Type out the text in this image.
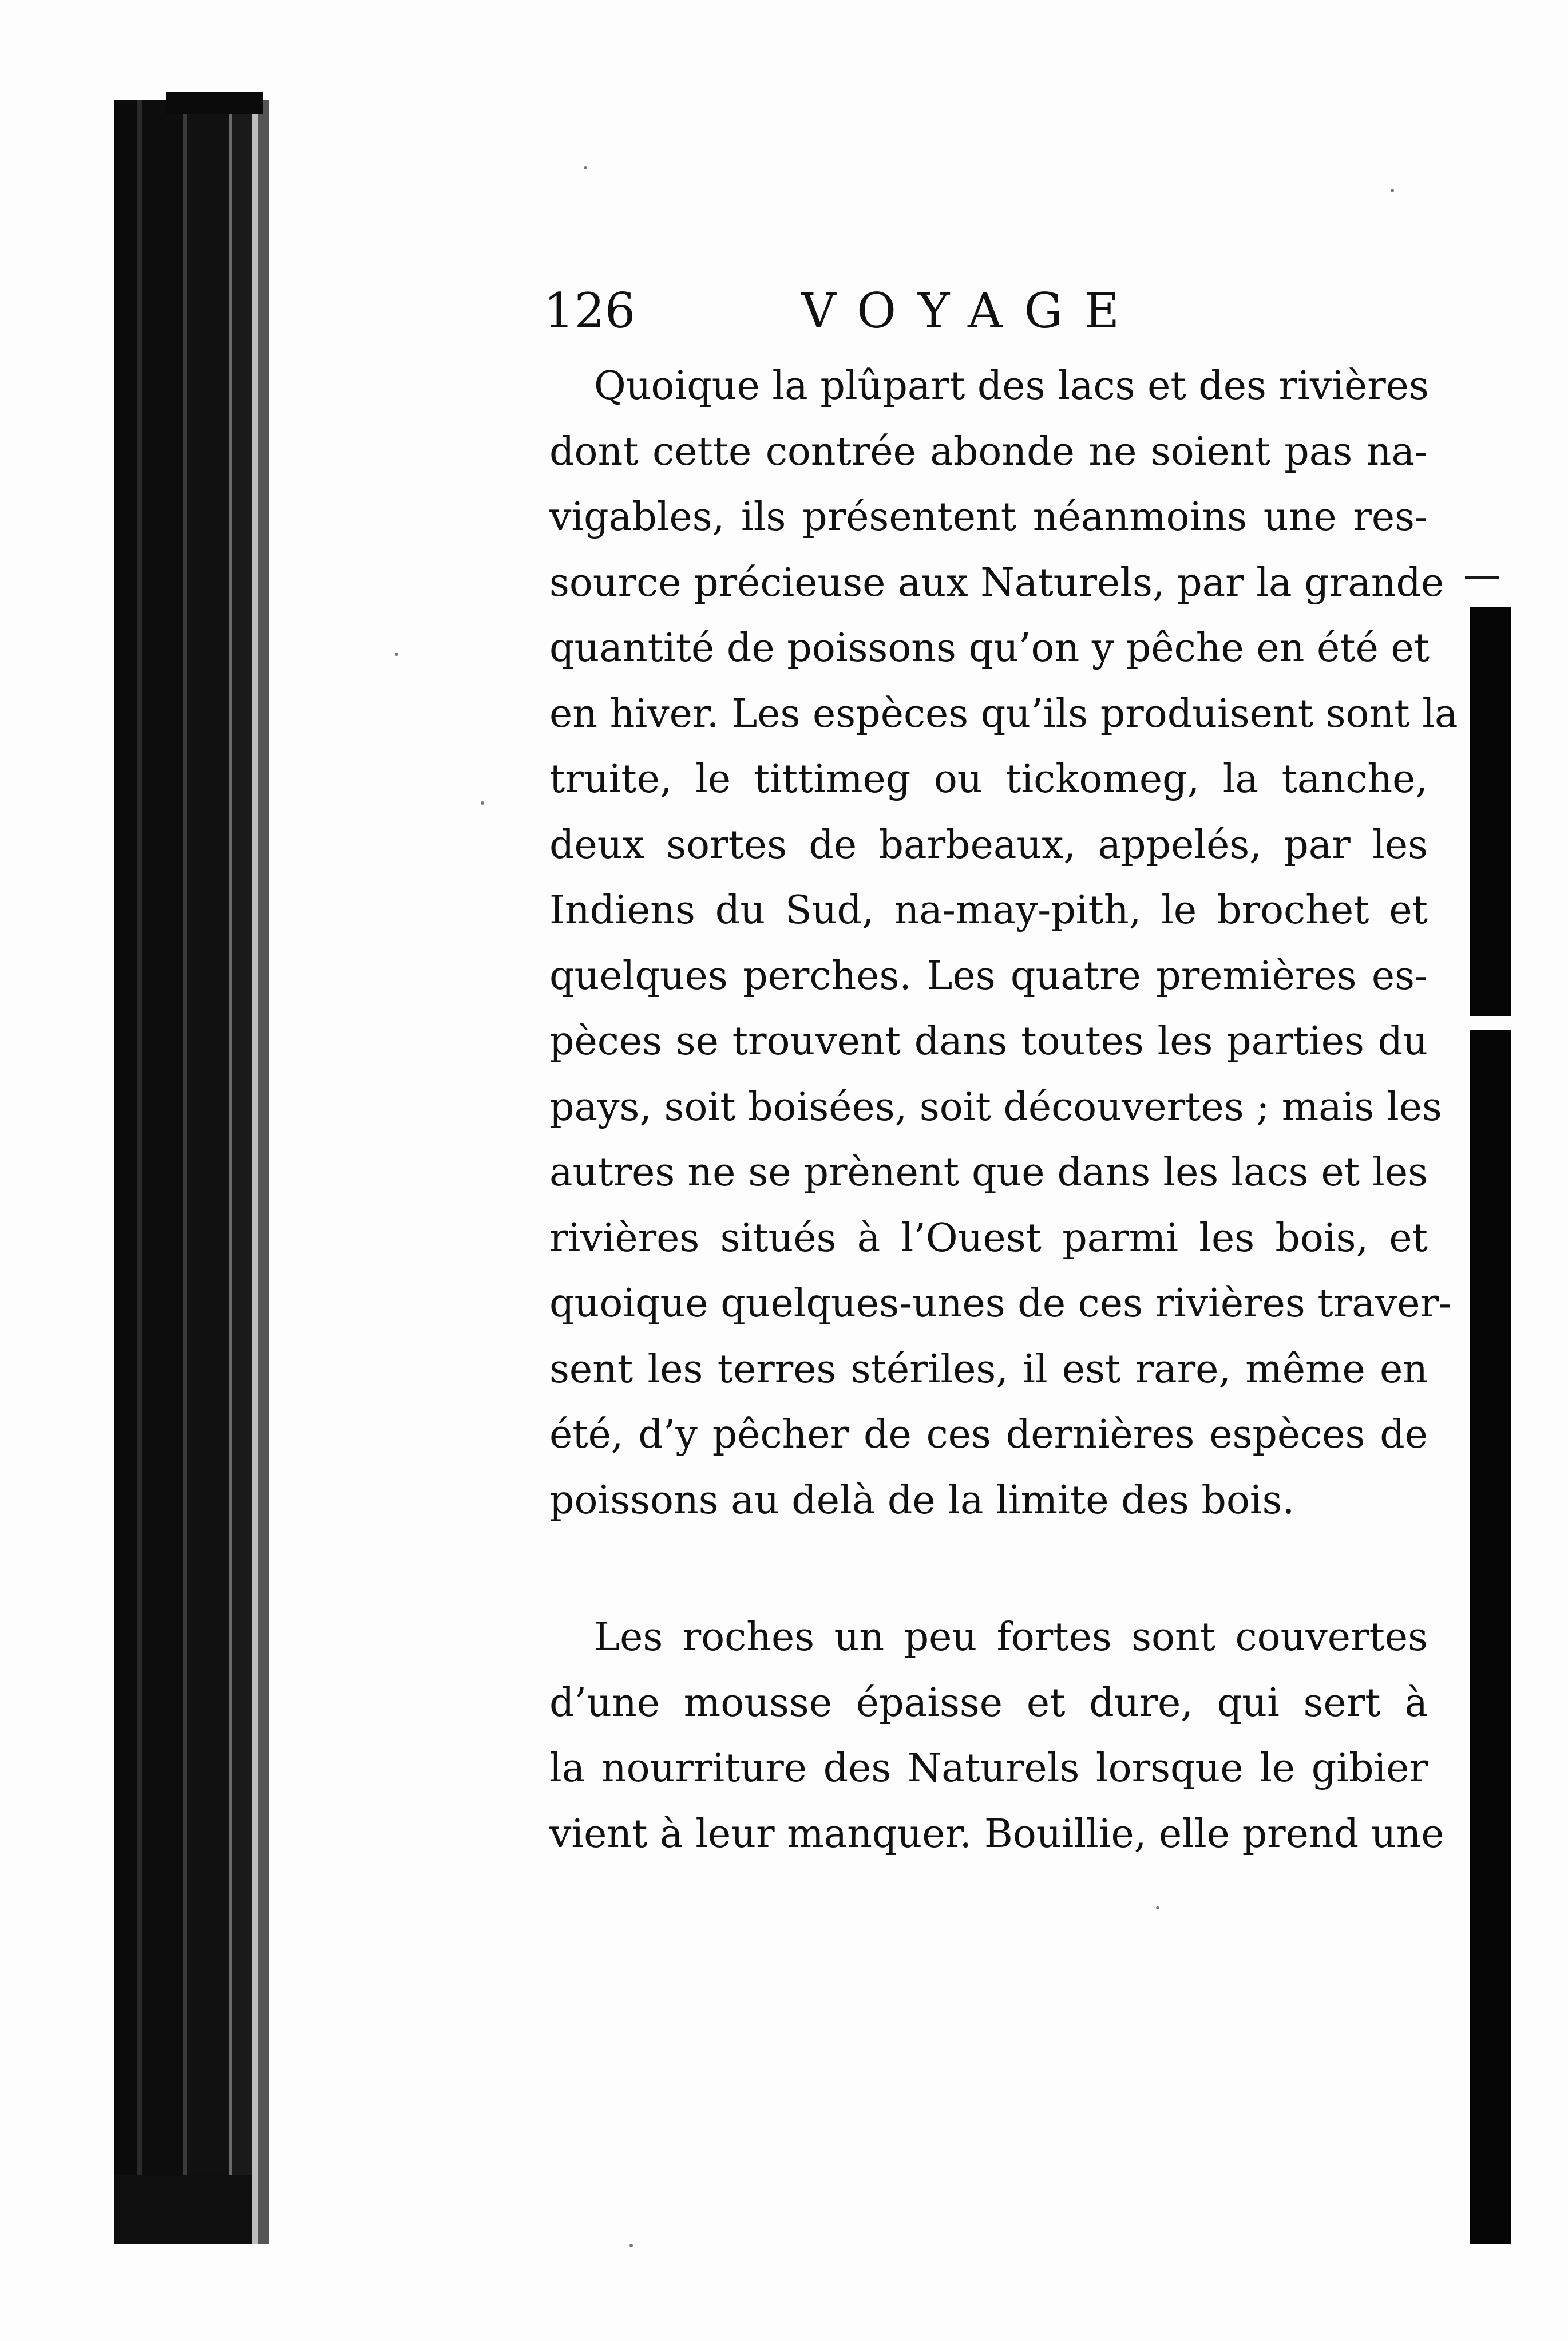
126	VOYAGE
Quoique la plûpart des lacs et des rivières
dont cette contrée abonde ne soient pas na-
vigables, ils présentent néanmoins une res-
source précieuse aux Naturels, par la grande
quantité de poissons qu’on y pêche en été et
en hiver. Les espèces qu’ils produisent sont la
truite, le tittimeg ou tickomeg, la tanche,
deux sortes de barbeaux, appelés, par les
Indiens du Sud, na-may-pith, le brochet et
quelques perches. Les quatre premières es-
pèces se trouvent dans toutes les parties du
pays, soit boisées, soit découvertes ; mais les
autres ne se prènent que dans les lacs et les
rivières situés à l’Ouest parmi les bois, et
quoique quelques-unes de ces rivières traver-
sent les terres stériles, il est rare, même en
été, d’y pêcher de ces dernières espèces de
poissons au delà de la limite des bois.
Les roches un peu fortes sont couvertes
d’une mousse épaisse et dure, qui sert à
la nourriture des Naturels lorsque le gibier
vient à leur manquer. Bouillie, elle prend une
